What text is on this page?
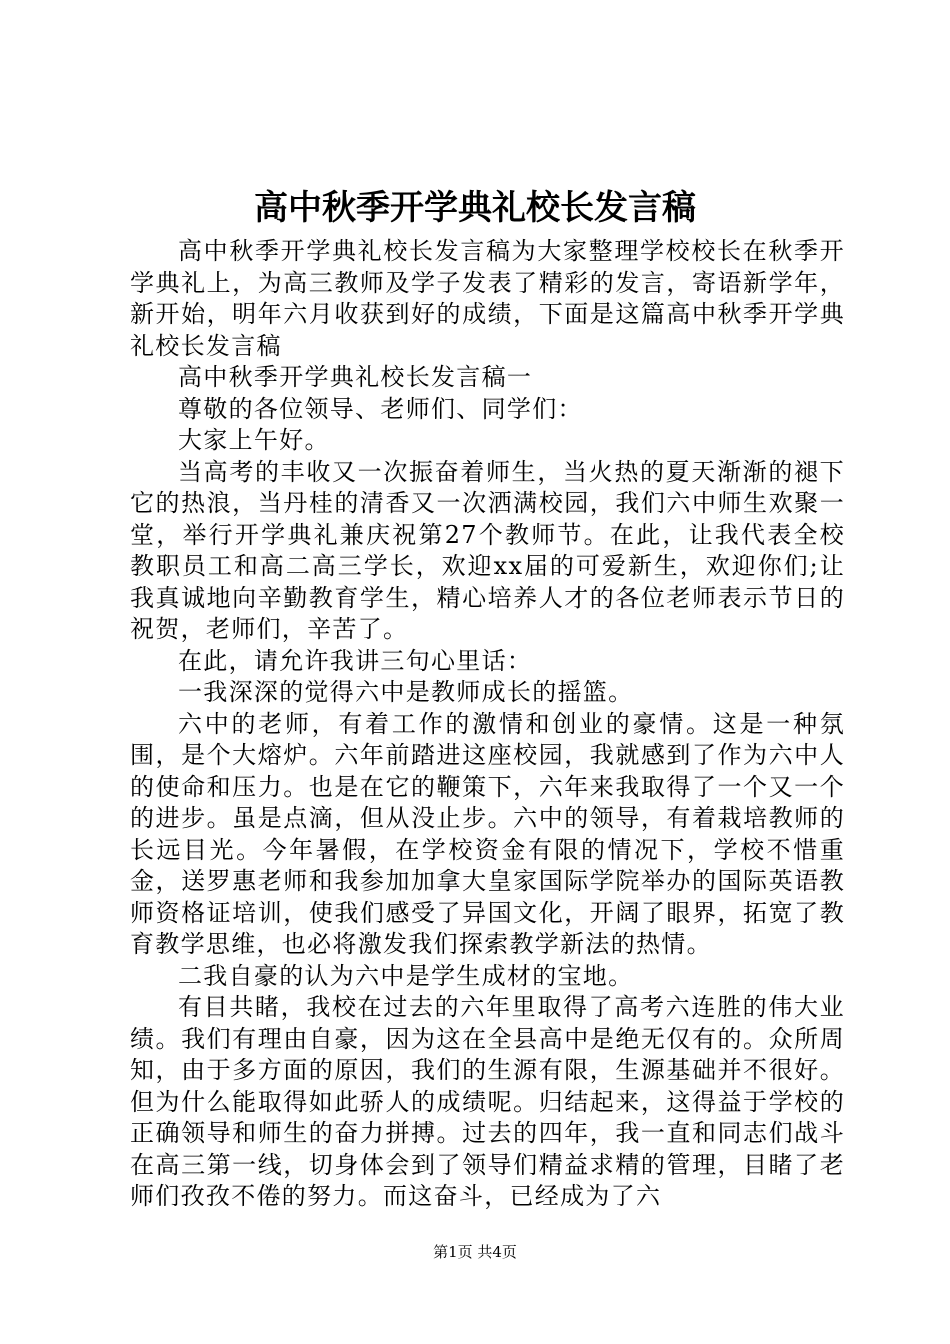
高中秋季开学典礼校长发言稿

高中秋季开学典礼校长发言稿为大家整理学校校长在秋季开学典礼上，为高三教师及学子发表了精彩的发言，寄语新学年，新开始，明年六月收获到好的成绩，下面是这篇高中秋季开学典礼校长发言稿

高中秋季开学典礼校长发言稿一

尊敬的各位领导、老师们、同学们：

大家上午好。

当高考的丰收又一次振奋着师生，当火热的夏天渐渐的褪下它的热浪，当丹桂的清香又一次洒满校园，我们六中师生欢聚一堂，举行开学典礼兼庆祝第27个教师节。在此，让我代表全校教职员工和高二高三学长，欢迎xx届的可爱新生，欢迎你们;让我真诚地向辛勤教育学生，精心培养人才的各位老师表示节日的祝贺，老师们，辛苦了。

在此，请允许我讲三句心里话：

一我深深的觉得六中是教师成长的摇篮。

六中的老师，有着工作的激情和创业的豪情。这是一种氛围，是个大熔炉。六年前踏进这座校园，我就感到了作为六中人的使命和压力。也是在它的鞭策下，六年来我取得了一个又一个的进步。虽是点滴，但从没止步。六中的领导，有着栽培教师的长远目光。今年暑假，在学校资金有限的情况下，学校不惜重金，送罗惠老师和我参加加拿大皇家国际学院举办的国际英语教师资格证培训，使我们感受了异国文化，开阔了眼界，拓宽了教育教学思维，也必将激发我们探索教学新法的热情。

二我自豪的认为六中是学生成材的宝地。

有目共睹，我校在过去的六年里取得了高考六连胜的伟大业绩。我们有理由自豪，因为这在全县高中是绝无仅有的。众所周知，由于多方面的原因，我们的生源有限，生源基础并不很好。但为什么能取得如此骄人的成绩呢。归结起来，这得益于学校的正确领导和师生的奋力拼搏。过去的四年，我一直和同志们战斗在高三第一线，切身体会到了领导们精益求精的管理，目睹了老师们孜孜不倦的努力。而这奋斗，已经成为了六

第1页 共4页
